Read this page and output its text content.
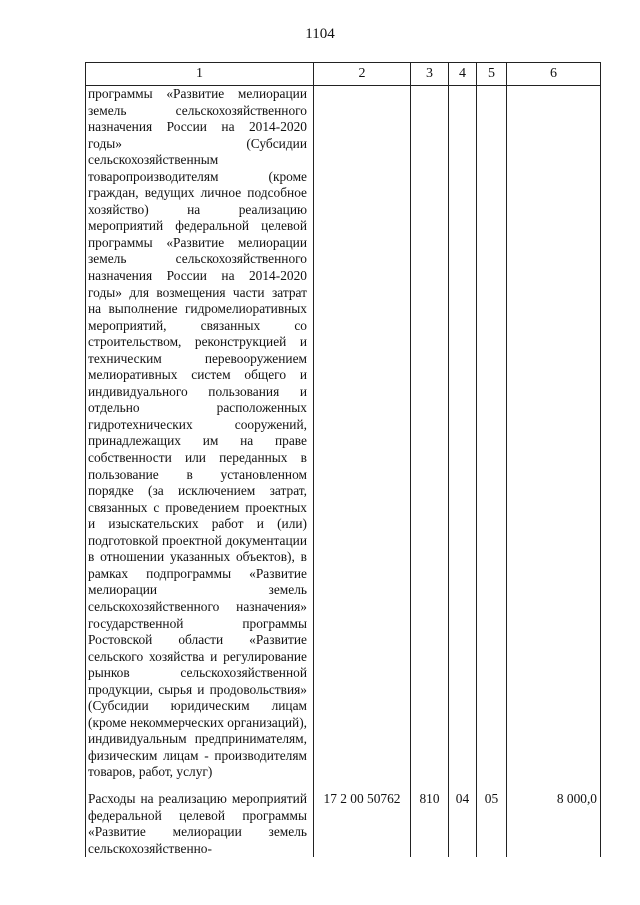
1104
1	2	3	4	5	6
программы «Развитие мелиорации земель сельскохозяйственного назначения России на 2014-2020 годы» (Субсидии сельскохозяйственным товаропроизводителям (кроме граждан, ведущих личное подсобное хозяйство) на реализацию мероприятий федеральной целевой программы «Развитие мелиорации земель сельскохозяйственного назначения России на 2014-2020 годы» для возмещения части затрат на выполнение гидромелиоративных мероприятий, связанных со строительством, реконструкцией и техническим перевооружением мелиоративных систем общего и индивидуального пользования и отдельно расположенных гидротехнических сооружений, принадлежащих им на праве собственности или переданных в пользование в установленном порядке (за исключением затрат, связанных с проведением проектных и изыскательских работ и (или) подготовкой проектной документации в отношении указанных объектов), в рамках подпрограммы «Развитие мелиорации земель сельскохозяйственного назначения» государственной программы Ростовской области «Развитие сельского хозяйства и регулирование рынков сельскохозяйственной продукции, сырья и продовольствия» (Субсидии юридическим лицам (кроме некоммерческих организаций), индивидуальным предпринимателям, физическим лицам - производителям товаров, работ, услуг)					
Расходы на реализацию мероприятий федеральной целевой программы «Развитие мелиорации земель сельскохозяйственно-	17 2 00 50762	810	04	05	8 000,0
